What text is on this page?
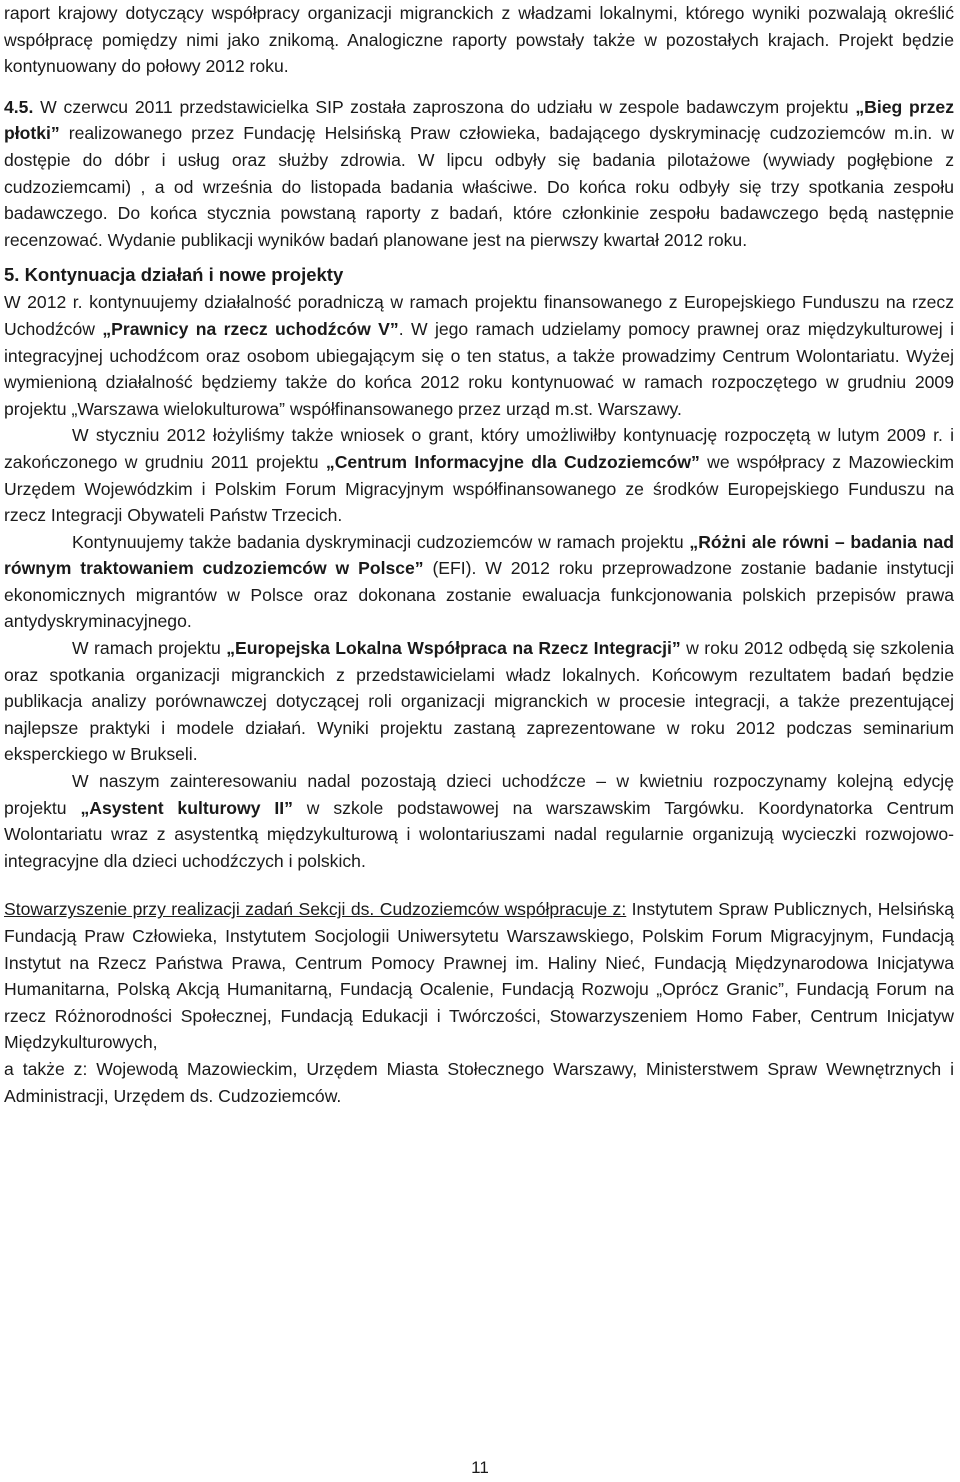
raport krajowy dotyczący współpracy organizacji migranckich z władzami lokalnymi, którego wyniki pozwalają określić współpracę pomiędzy nimi jako znikomą. Analogiczne raporty powstały także w pozostałych krajach. Projekt będzie kontynuowany do połowy 2012 roku.

4.5. W czerwcu 2011 przedstawicielka SIP została zaproszona do udziału w zespole badawczym projektu „Bieg przez płotki” realizowanego przez Fundację Helsińską Praw człowieka, badającego dyskryminację cudzoziemców m.in. w dostępie do dóbr i usług oraz służby zdrowia. W lipcu odbyły się badania pilotażowe (wywiady pogłębione z cudzoziemcami) , a od września do listopada badania właściwe. Do końca roku odbyły się trzy spotkania zespołu badawczego. Do końca stycznia powstaną raporty z badań, które członkinie zespołu badawczego będą następnie recenzować. Wydanie publikacji wyników badań planowane jest na pierwszy kwartał 2012 roku.

5. Kontynuacja działań i nowe projekty

W 2012 r. kontynuujemy działalność poradniczą w ramach projektu finansowanego z Europejskiego Funduszu na rzecz Uchodźców „Prawnicy na rzecz uchodźców V”. W jego ramach udzielamy pomocy prawnej oraz międzykulturowej i integracyjnej uchodźcom oraz osobom ubiegającym się o ten status, a także prowadzimy Centrum Wolontariatu. Wyżej wymienioną działalność będziemy także do końca 2012 roku kontynuować w ramach rozpoczętego w grudniu 2009 projektu „Warszawa wielokulturowa” współfinansowanego przez urząd m.st. Warszawy.

W styczniu 2012 łożyliśmy także wniosek o grant, który umożliwiłby kontynuację rozpoczętą w lutym 2009 r. i zakończonego w grudniu 2011 projektu „Centrum Informacyjne dla Cudzoziemców” we współpracy z Mazowieckim Urzędem Wojewódzkim i Polskim Forum Migracyjnym współfinansowanego ze środków Europejskiego Funduszu na rzecz Integracji Obywateli Państw Trzecich.

Kontynuujemy także badania dyskryminacji cudzoziemców w ramach projektu „Różni ale równi – badania nad równym traktowaniem cudzoziemców w Polsce” (EFI). W 2012 roku przeprowadzone zostanie badanie instytucji ekonomicznych migrantów w Polsce oraz dokonana zostanie ewaluacja funkcjonowania polskich przepisów prawa antydyskryminacyjnego.

W ramach projektu „Europejska Lokalna Współpraca na Rzecz Integracji” w roku 2012 odbędą się szkolenia oraz spotkania organizacji migranckich z przedstawicielami władz lokalnych. Końcowym rezultatem badań będzie publikacja analizy porównawczej dotyczącej roli organizacji migranckich w procesie integracji, a także prezentującej najlepsze praktyki i modele działań. Wyniki projektu zastaną zaprezentowane w roku 2012 podczas seminarium eksperckiego w Brukseli.

W naszym zainteresowaniu nadal pozostają dzieci uchodźcze – w kwietniu rozpoczynamy kolejną edycję projektu „Asystent kulturowy II” w szkole podstawowej na warszawskim Targówku. Koordynatorka Centrum Wolontariatu wraz z asystentką międzykulturową i wolontariuszami nadal regularnie organizują wycieczki rozwojowo-integracyjne dla dzieci uchodźczych i polskich.

Stowarzyszenie przy realizacji zadań Sekcji ds. Cudzoziemców współpracuje z: Instytutem Spraw Publicznych, Helsińską Fundacją Praw Człowieka, Instytutem Socjologii Uniwersytetu Warszawskiego, Polskim Forum Migracyjnym, Fundacją Instytut na Rzecz Państwa Prawa, Centrum Pomocy Prawnej im. Haliny Nieć, Fundacją Międzynarodowa Inicjatywa Humanitarna, Polską Akcją Humanitarną, Fundacją Ocalenie, Fundacją Rozwoju „Oprócz Granic”, Fundacją Forum na rzecz Różnorodności Społecznej, Fundacją Edukacji i Twórczości, Stowarzyszeniem Homo Faber, Centrum Inicjatyw Międzykulturowych,

a także z: Wojewodą Mazowieckim, Urzędem Miasta Stołecznego Warszawy, Ministerstwem Spraw Wewnętrznych i Administracji, Urzędem ds. Cudzoziemców.

11
